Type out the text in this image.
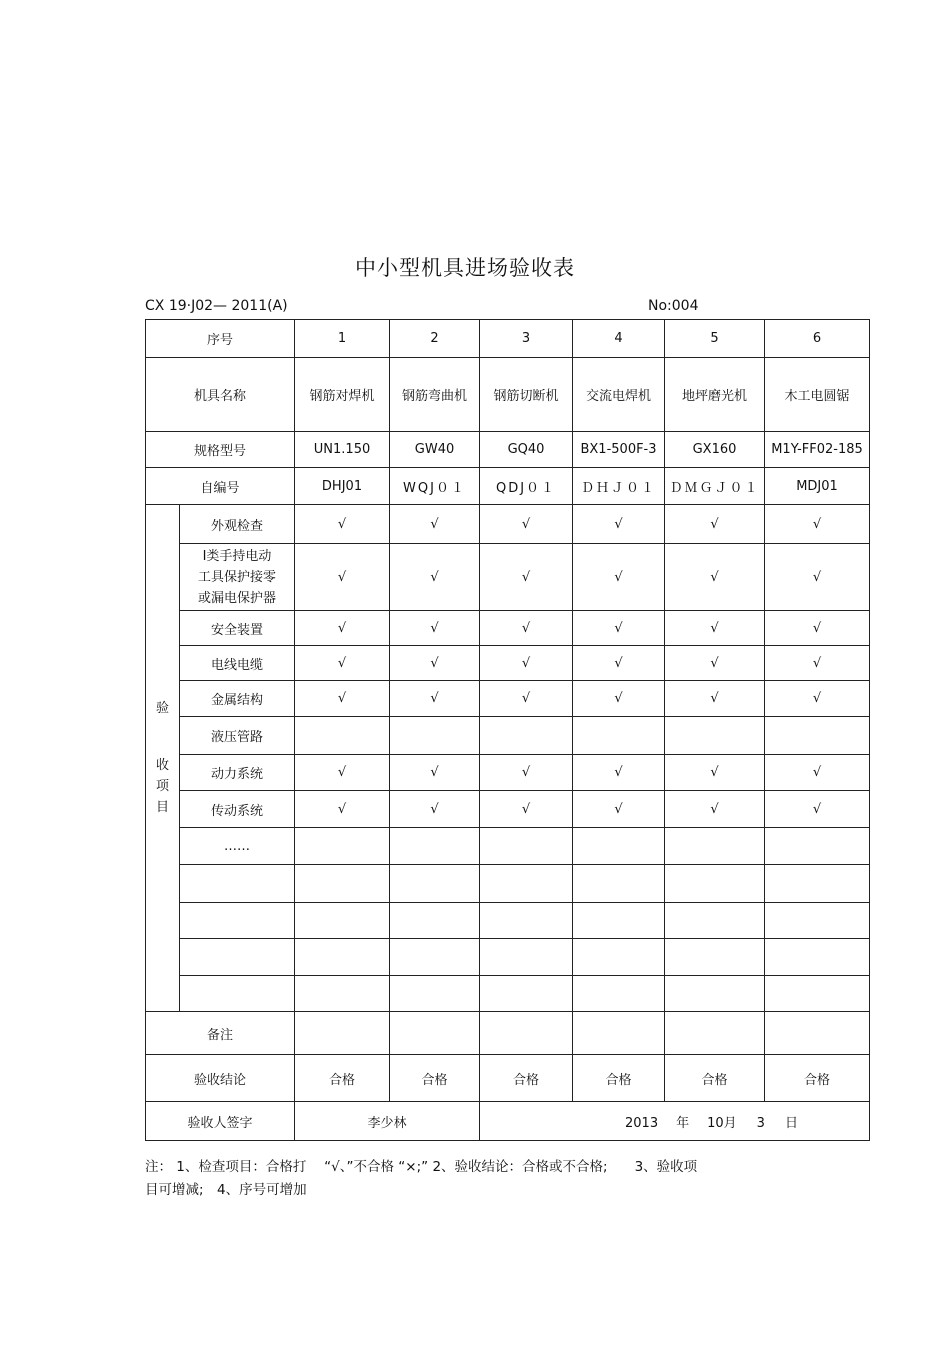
中小型机具进场验收表
CX 19·J02— 2011(A)	No:004
序号		1	2	3	4	5	6
机具名称		钢筋对焊机	钢筋弯曲机	钢筋切断机	交流电焊机	地坪磨光机	木工电圆锯
规格型号		UN1.150	GW40	GQ40	BX1-500F-3	GX160	M1Y-FF02-185
自编号		DHJ01	WQJ０１	QDJ０１	ＤＨＪ０１	ＤＭＧＪ０１	MDJ01

验
收
项
目	外观检查	√	√	√	√	√	√

	Ⅰ类手持电动
工具保护接零
或漏电保护器	√	√	√	√	√	√
	安全装置	√	√	√	√	√	√
	电线电缆	√	√	√	√	√	√
	金属结构	√	√	√	√	√	√
	液压管路						
	动力系统	√	√	√	√	√	√
	传动系统	√	√	√	√	√	√
	……						

备注							
验收结论		合格	合格	合格	合格	合格	合格
验收人签字		李少林		2013 年 10月 3 日			
注： 1、检查项目：合格打　 “√、”不合格 “×;” 2、验收结论：合格或不合格;　　3、验收项
目可增减;　4、序号可增加
